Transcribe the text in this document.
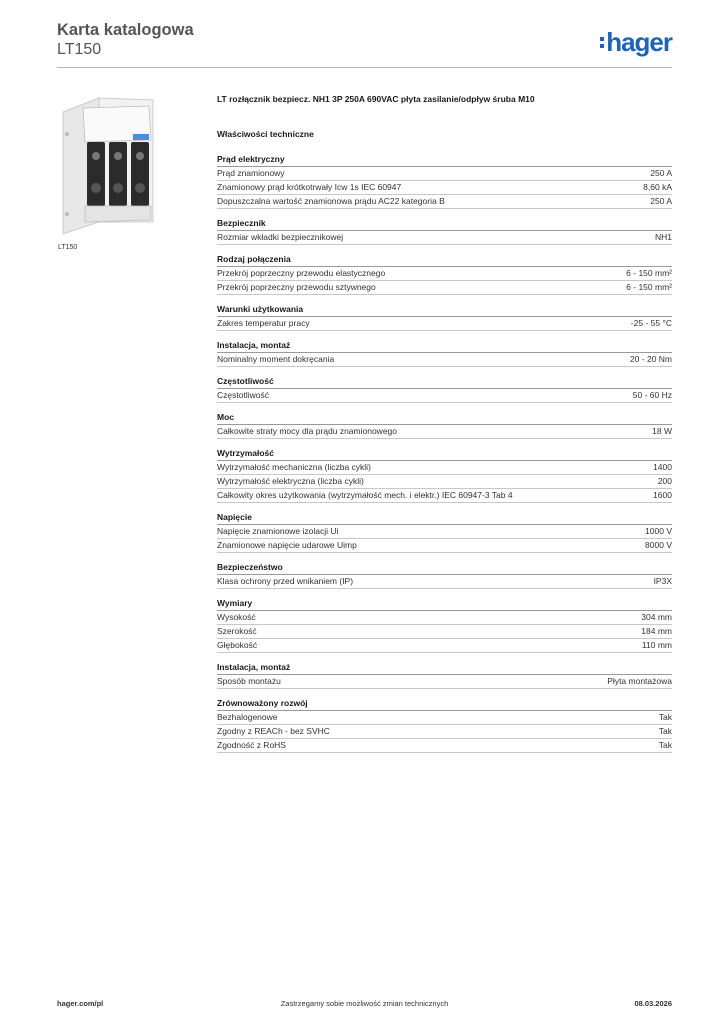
Karta katalogowa
LT150	hager
LT150
LT rozłącznik bezpiecz. NH1 3P 250A 690VAC płyta zasilanie/odpływ śruba M10
Właściwości techniczne
Prąd elektryczny
Prąd znamionowy	250 A
Znamionowy prąd krótkotrwały Icw 1s IEC 60947	8,60 kA
Dopuszczalna wartość znamionowa prądu AC22 kategoria B	250 A
Bezpiecznik
Rozmiar wkładki bezpiecznikowej	NH1
Rodzaj połączenia
Przekrój poprzeczny przewodu elastycznego	6 - 150 mm²
Przekrój poprzeczny przewodu sztywnego	6 - 150 mm²
Warunki użytkowania
Zakres temperatur pracy	-25 - 55 °C
Instalacja, montaż
Nominalny moment dokręcania	20 - 20 Nm
Częstotliwość
Częstotliwość	50 - 60 Hz
Moc
Całkowite straty mocy dla prądu znamionowego	18 W
Wytrzymałość
Wytrzymałość mechaniczna (liczba cykli)	1400
Wytrzymałość elektryczna (liczba cykli)	200
Całkowity okres użytkowania (wytrzymałość mech. i elektr.) IEC 60947-3 Tab 4	1600
Napięcie
Napięcie znamionowe izolacji Ui	1000 V
Znamionowe napięcie udarowe Uimp	8000 V
Bezpieczeństwo
Klasa ochrony przed wnikaniem (IP)	IP3X
Wymiary
Wysokość	304 mm
Szerokość	184 mm
Głębokość	110 mm
Instalacja, montaż
Sposób montażu	Płyta montażowa
Zrównoważony rozwój
Bezhalogenowe	Tak
Zgodny z REACh - bez SVHC	Tak
Zgodność z RoHS	Tak
hager.com/pl	Zastrzegamy sobie możliwość zmian technicznych	08.03.2026
